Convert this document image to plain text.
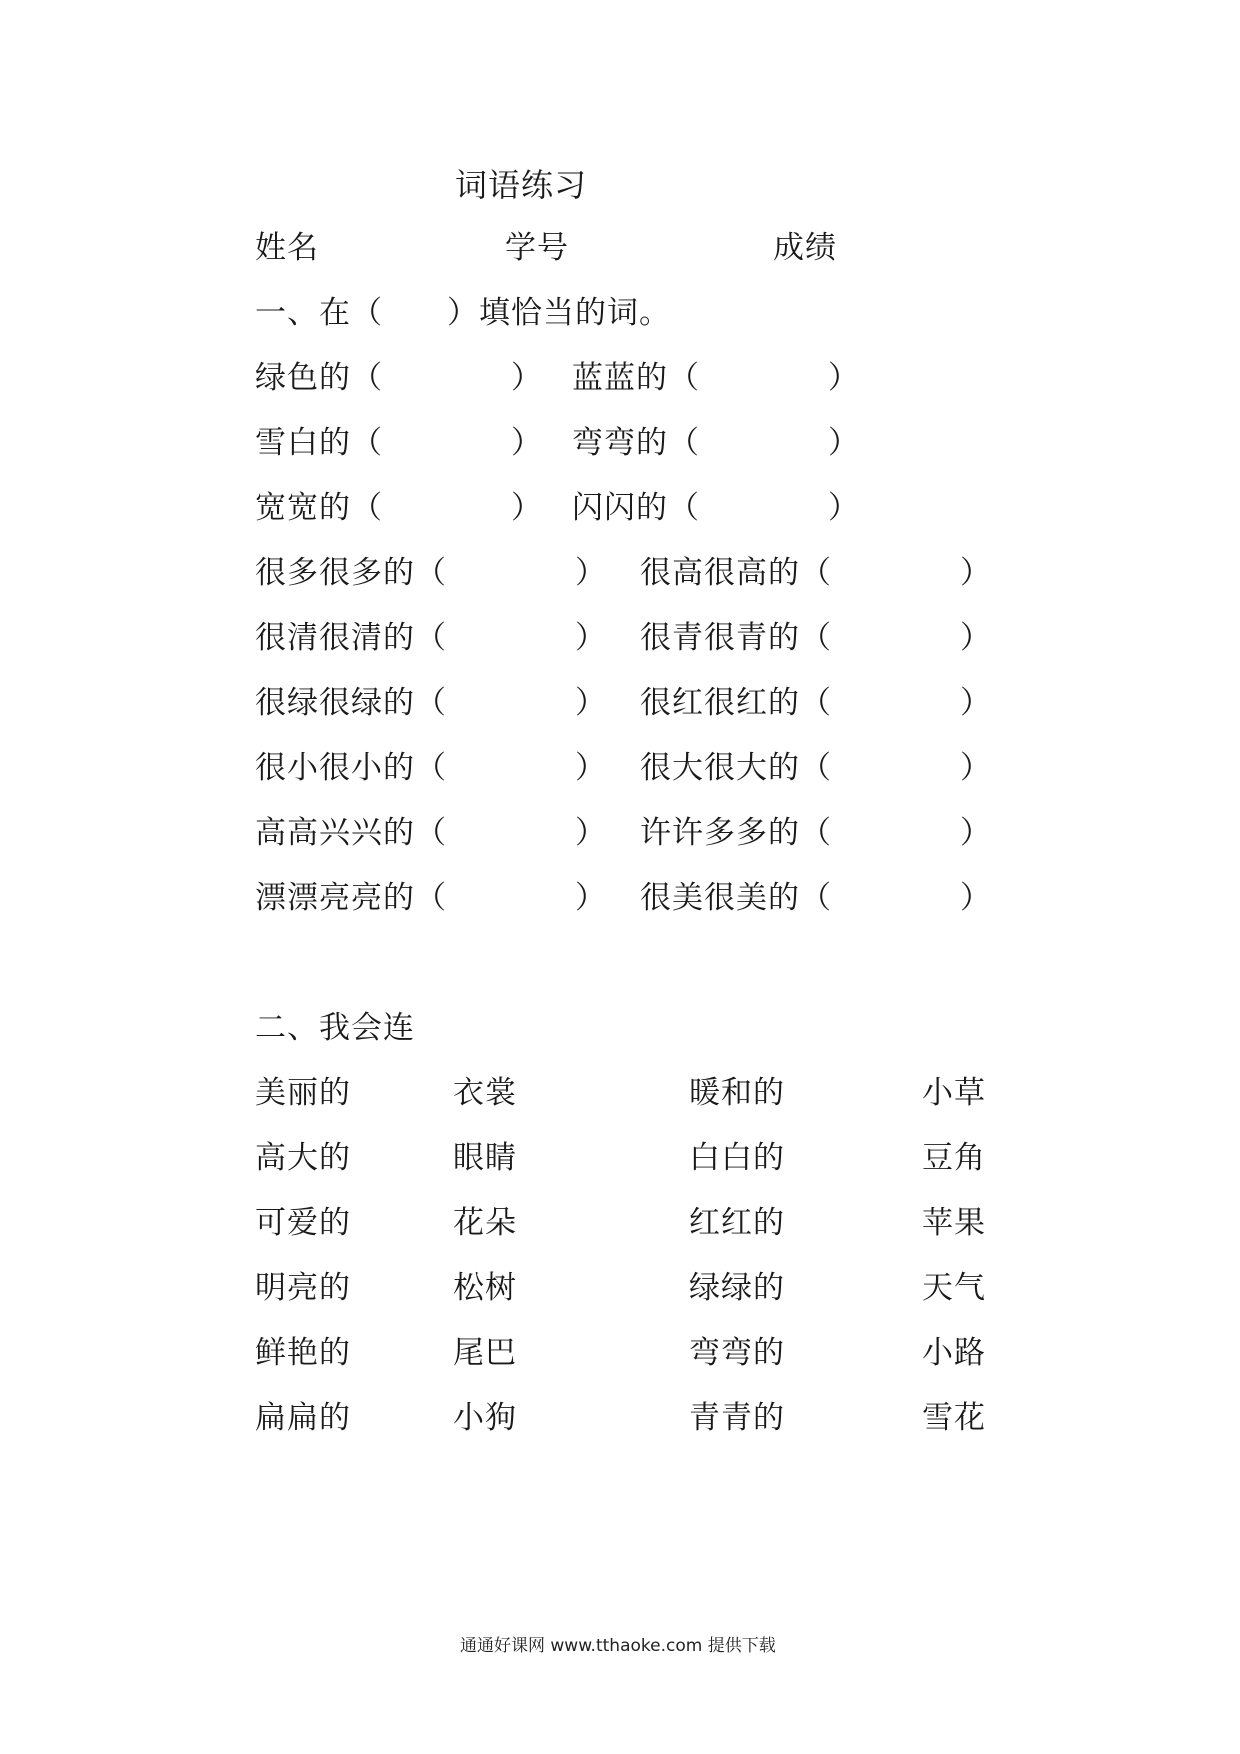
词语练习
姓名	学号	成绩
一、在（　　）填恰当的词。
绿色的（　　　　） 蓝蓝的（　　　　）
雪白的（　　　　） 弯弯的（　　　　）
宽宽的（　　　　） 闪闪的（　　　　）
很多很多的（　　　　） 很高很高的（　　　　）
很清很清的（　　　　） 很青很青的（　　　　）
很绿很绿的（　　　　） 很红很红的（　　　　）
很小很小的（　　　　） 很大很大的（　　　　）
高高兴兴的（　　　　） 许许多多的（　　　　）
漂漂亮亮的（　　　　） 很美很美的（　　　　）
二、我会连
美丽的	衣裳	暖和的	小草
高大的	眼睛	白白的	豆角
可爱的	花朵	红红的	苹果
明亮的	松树	绿绿的	天气
鲜艳的	尾巴	弯弯的	小路
扁扁的	小狗	青青的	雪花
通通好课网 www.tthaoke.com 提供下载
